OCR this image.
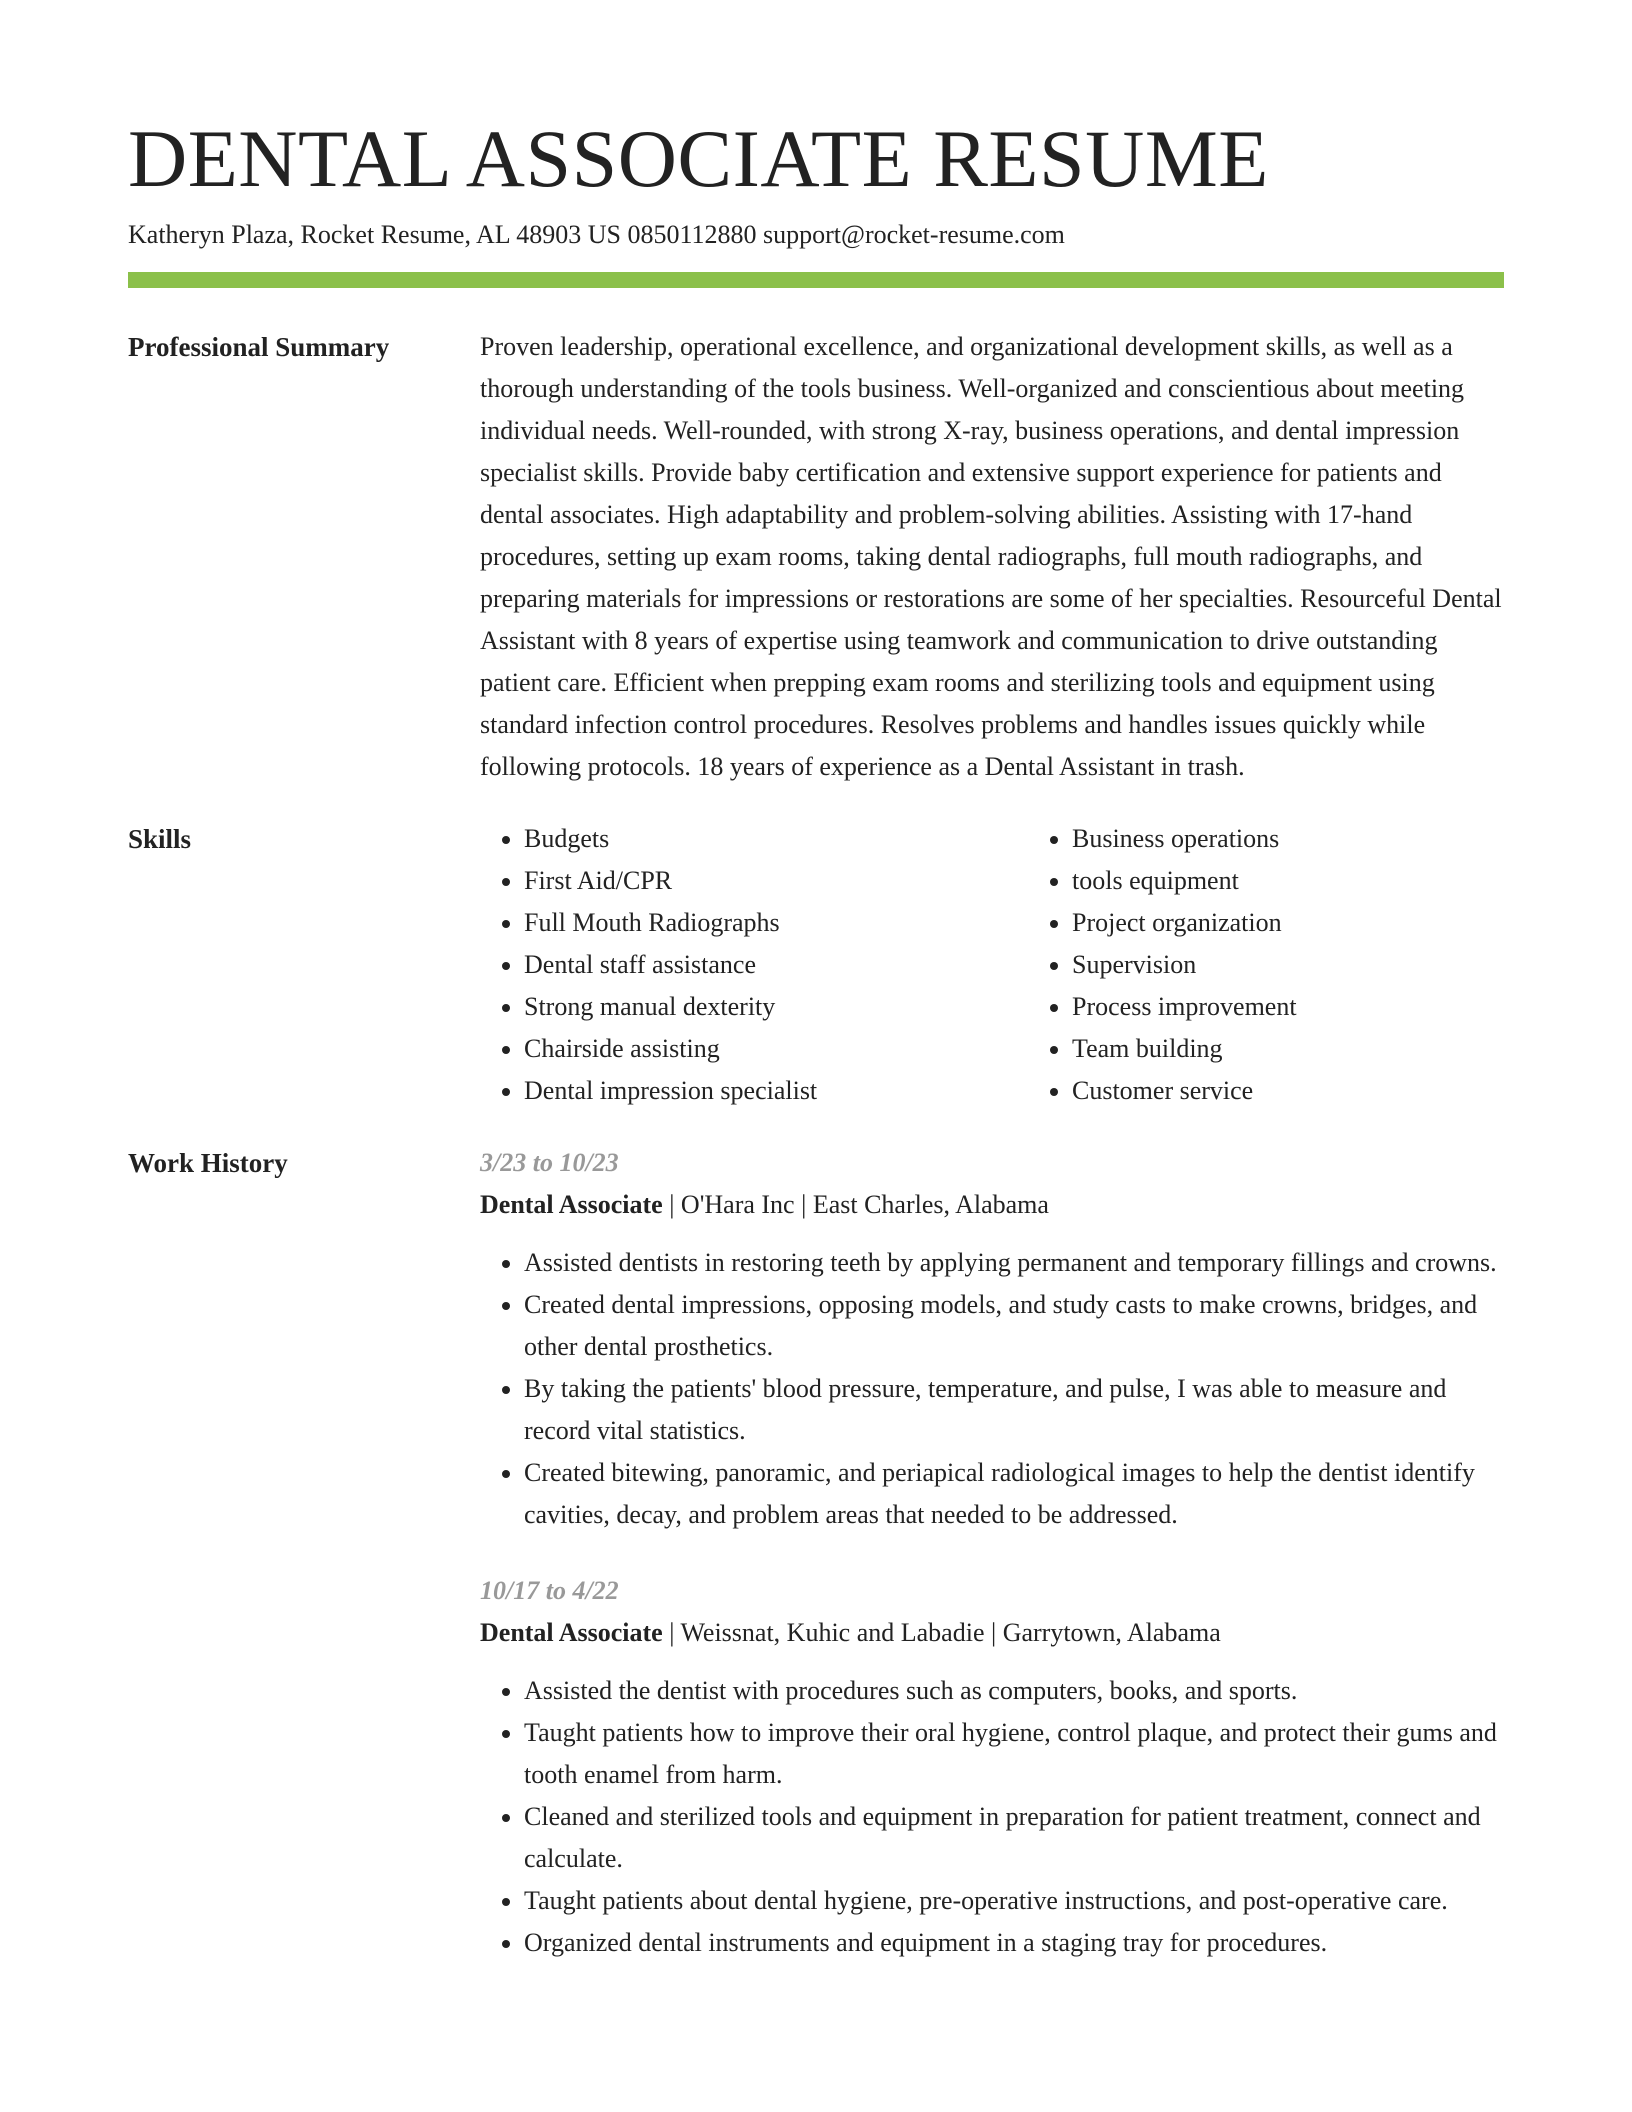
DENTAL ASSOCIATE RESUME
Katheryn Plaza, Rocket Resume, AL 48903 US 0850112880 support@rocket-resume.com
Professional Summary	Proven leadership, operational excellence, and organizational development skills, as well as a thorough understanding of the tools business. Well-organized and conscientious about meeting individual needs. Well-rounded, with strong X-ray, business operations, and dental impression specialist skills. Provide baby certification and extensive support experience for patients and dental associates. High adaptability and problem-solving abilities. Assisting with 17-hand procedures, setting up exam rooms, taking dental radiographs, full mouth radiographs, and preparing materials for impressions or restorations are some of her specialties. Resourceful Dental Assistant with 8 years of expertise using teamwork and communication to drive outstanding patient care. Efficient when prepping exam rooms and sterilizing tools and equipment using standard infection control procedures. Resolves problems and handles issues quickly while following protocols. 18 years of experience as a Dental Assistant in trash.

Skills	• Budgets
• First Aid/CPR
• Full Mouth Radiographs
• Dental staff assistance
• Strong manual dexterity
• Chairside assisting
• Dental impression specialist
• Business operations
• tools equipment
• Project organization
• Supervision
• Process improvement
• Team building
• Customer service
Work History	3/23 to 10/23
Dental Associate | O'Hara Inc | East Charles, Alabama
• Assisted dentists in restoring teeth by applying permanent and temporary fillings and crowns.
• Created dental impressions, opposing models, and study casts to make crowns, bridges, and other dental prosthetics.
• By taking the patients' blood pressure, temperature, and pulse, I was able to measure and record vital statistics.
• Created bitewing, panoramic, and periapical radiological images to help the dentist identify cavities, decay, and problem areas that needed to be addressed.
10/17 to 4/22
Dental Associate | Weissnat, Kuhic and Labadie | Garrytown, Alabama
• Assisted the dentist with procedures such as computers, books, and sports.
• Taught patients how to improve their oral hygiene, control plaque, and protect their gums and tooth enamel from harm.
• Cleaned and sterilized tools and equipment in preparation for patient treatment, connect and calculate.
• Taught patients about dental hygiene, pre-operative instructions, and post-operative care.
• Organized dental instruments and equipment in a staging tray for procedures.
